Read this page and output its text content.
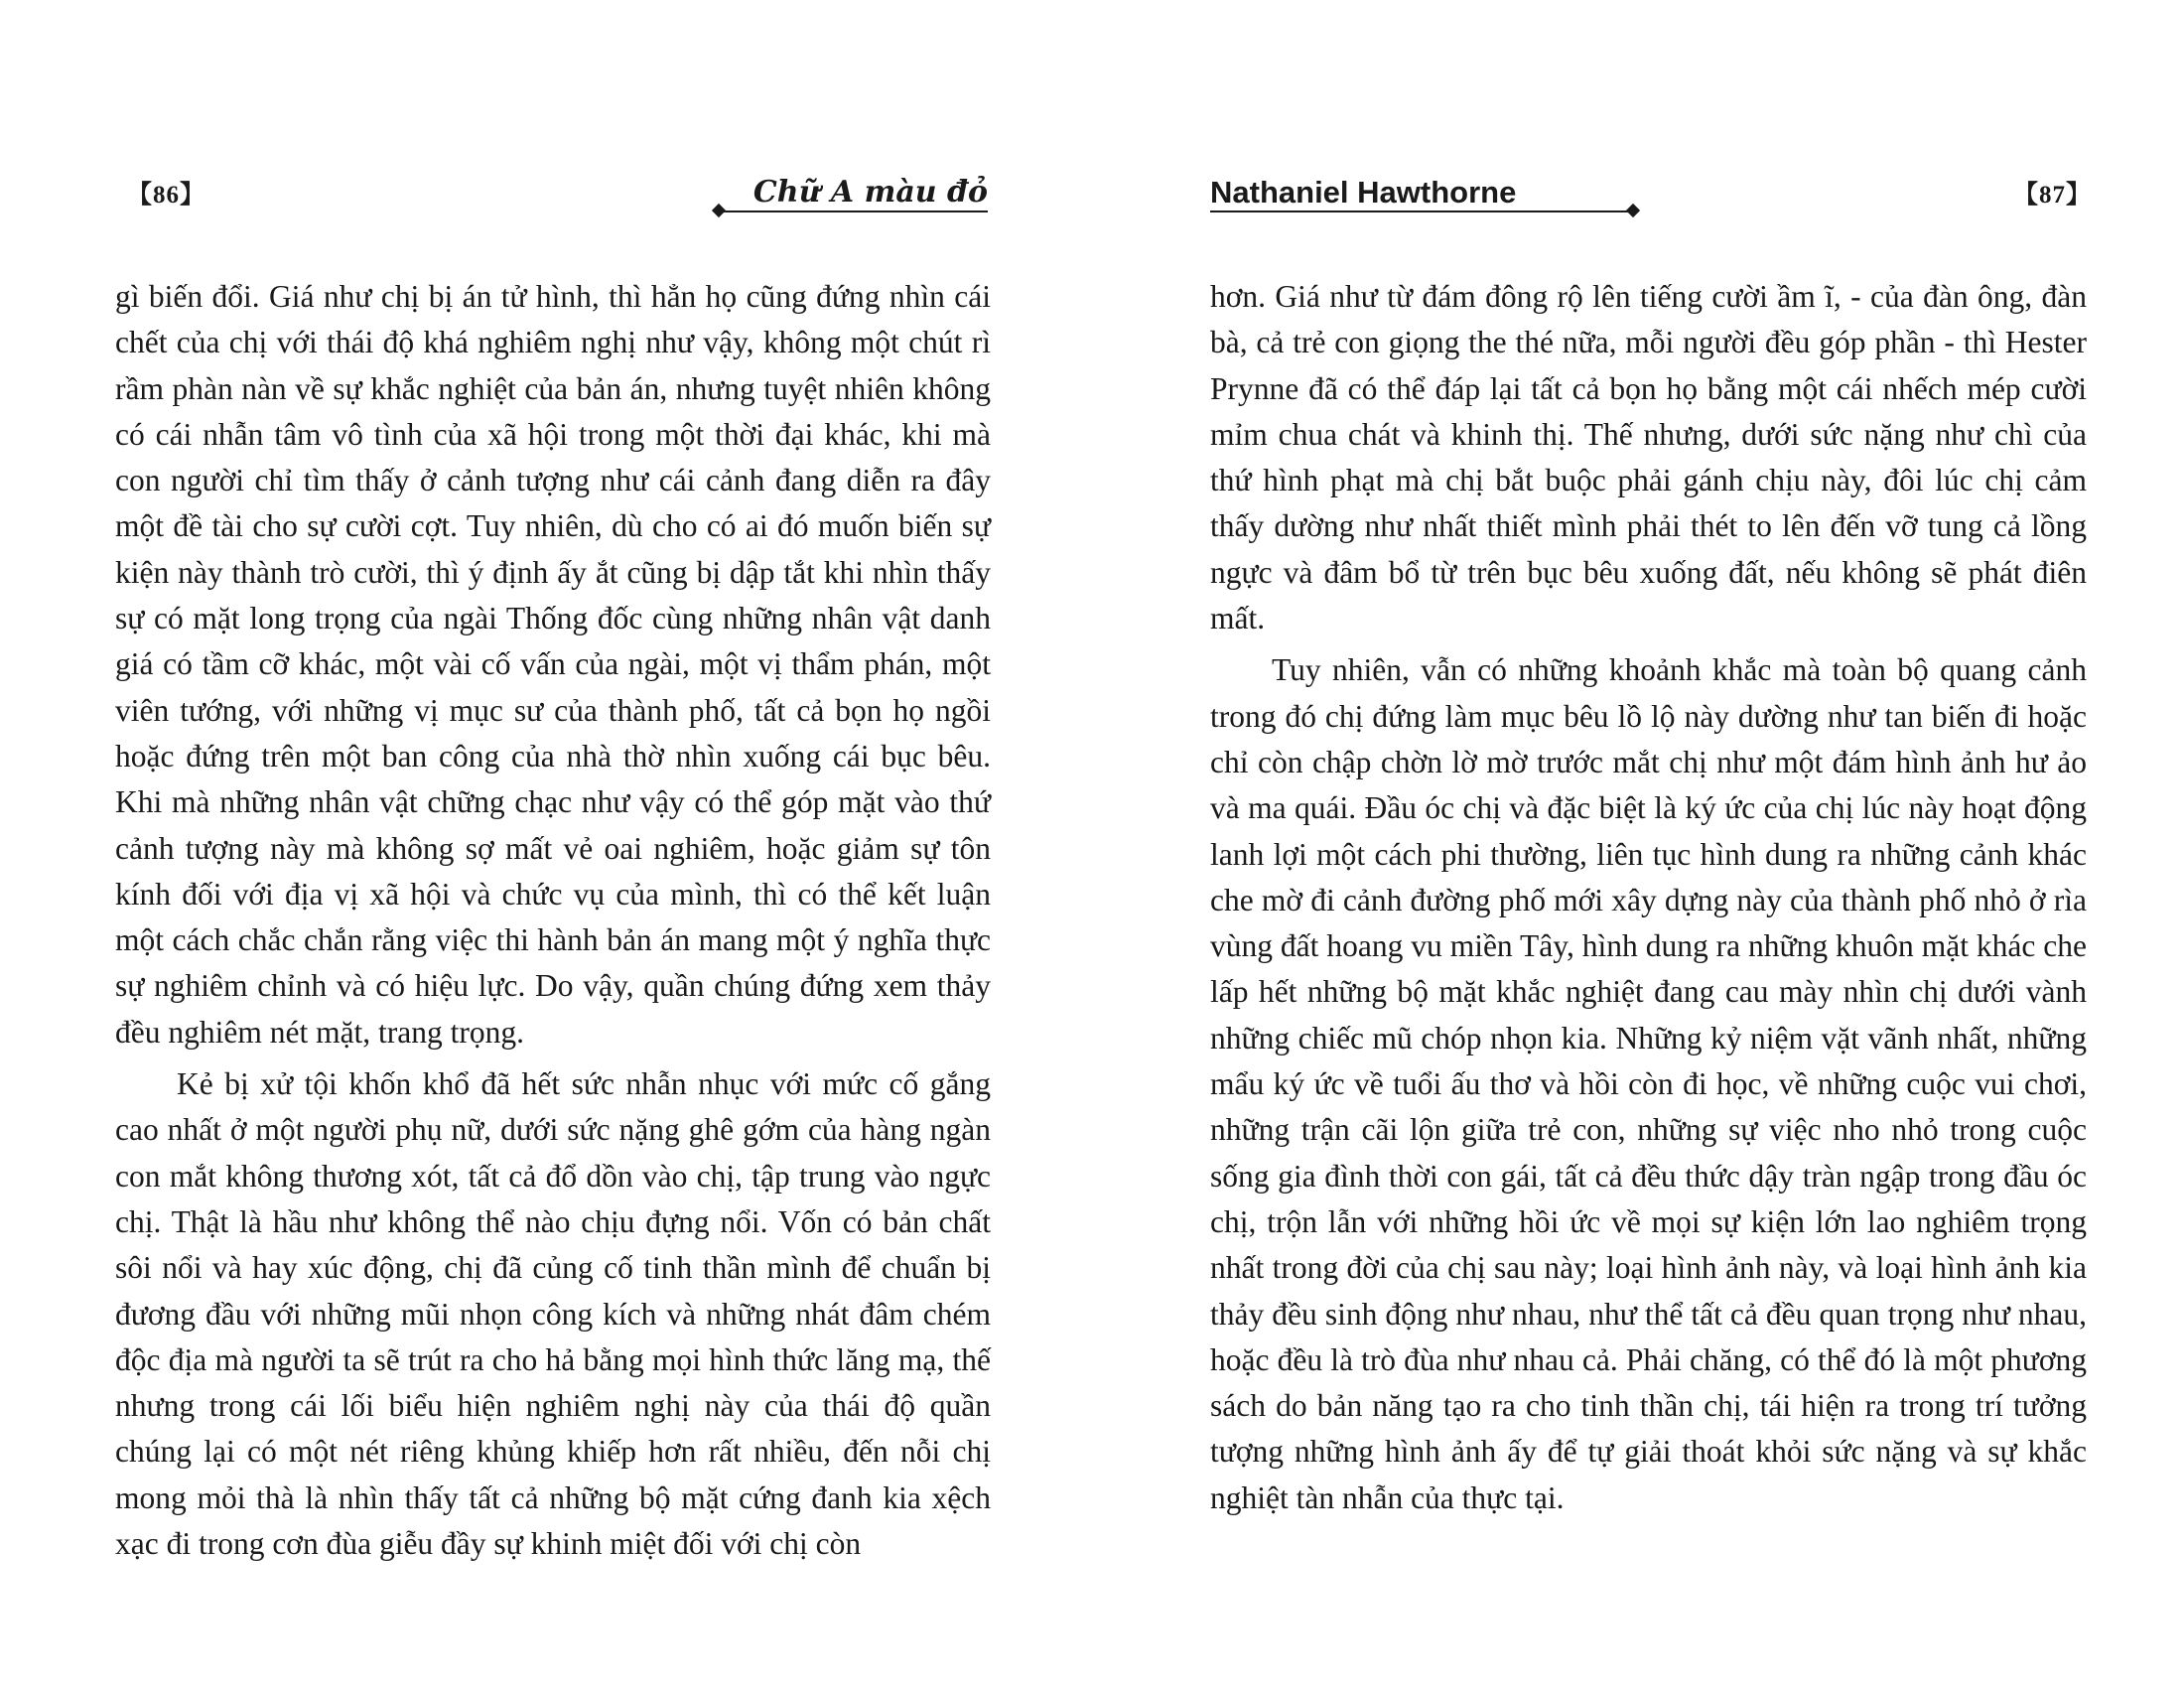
【86】	Chữ A màu đỏ

gì biến đổi. Giá như chị bị án tử hình, thì hẳn họ cũng đứng nhìn cái chết của chị với thái độ khá nghiêm nghị như vậy, không một chút rì rầm phàn nàn về sự khắc nghiệt của bản án, nhưng tuyệt nhiên không có cái nhẫn tâm vô tình của xã hội trong một thời đại khác, khi mà con người chỉ tìm thấy ở cảnh tượng như cái cảnh đang diễn ra đây một đề tài cho sự cười cợt. Tuy nhiên, dù cho có ai đó muốn biến sự kiện này thành trò cười, thì ý định ấy ắt cũng bị dập tắt khi nhìn thấy sự có mặt long trọng của ngài Thống đốc cùng những nhân vật danh giá có tầm cỡ khác, một vài cố vấn của ngài, một vị thẩm phán, một viên tướng, với những vị mục sư của thành phố, tất cả bọn họ ngồi hoặc đứng trên một ban công của nhà thờ nhìn xuống cái bục bêu. Khi mà những nhân vật chững chạc như vậy có thể góp mặt vào thứ cảnh tượng này mà không sợ mất vẻ oai nghiêm, hoặc giảm sự tôn kính đối với địa vị xã hội và chức vụ của mình, thì có thể kết luận một cách chắc chắn rằng việc thi hành bản án mang một ý nghĩa thực sự nghiêm chỉnh và có hiệu lực. Do vậy, quần chúng đứng xem thảy đều nghiêm nét mặt, trang trọng.

Kẻ bị xử tội khốn khổ đã hết sức nhẫn nhục với mức cố gắng cao nhất ở một người phụ nữ, dưới sức nặng ghê gớm của hàng ngàn con mắt không thương xót, tất cả đổ dồn vào chị, tập trung vào ngực chị. Thật là hầu như không thể nào chịu đựng nổi. Vốn có bản chất sôi nổi và hay xúc động, chị đã củng cố tinh thần mình để chuẩn bị đương đầu với những mũi nhọn công kích và những nhát đâm chém độc địa mà người ta sẽ trút ra cho hả bằng mọi hình thức lăng mạ, thế nhưng trong cái lối biểu hiện nghiêm nghị này của thái độ quần chúng lại có một nét riêng khủng khiếp hơn rất nhiều, đến nỗi chị mong mỏi thà là nhìn thấy tất cả những bộ mặt cứng đanh kia xệch xạc đi trong cơn đùa giễu đầy sự khinh miệt đối với chị còn

Nathaniel Hawthorne	【87】

hơn. Giá như từ đám đông rộ lên tiếng cười ầm ĩ, - của đàn ông, đàn bà, cả trẻ con giọng the thé nữa, mỗi người đều góp phần - thì Hester Prynne đã có thể đáp lại tất cả bọn họ bằng một cái nhếch mép cười mỉm chua chát và khinh thị. Thế nhưng, dưới sức nặng như chì của thứ hình phạt mà chị bắt buộc phải gánh chịu này, đôi lúc chị cảm thấy dường như nhất thiết mình phải thét to lên đến vỡ tung cả lồng ngực và đâm bổ từ trên bục bêu xuống đất, nếu không sẽ phát điên mất.

Tuy nhiên, vẫn có những khoảnh khắc mà toàn bộ quang cảnh trong đó chị đứng làm mục bêu lồ lộ này dường như tan biến đi hoặc chỉ còn chập chờn lờ mờ trước mắt chị như một đám hình ảnh hư ảo và ma quái. Đầu óc chị và đặc biệt là ký ức của chị lúc này hoạt động lanh lợi một cách phi thường, liên tục hình dung ra những cảnh khác che mờ đi cảnh đường phố mới xây dựng này của thành phố nhỏ ở rìa vùng đất hoang vu miền Tây, hình dung ra những khuôn mặt khác che lấp hết những bộ mặt khắc nghiệt đang cau mày nhìn chị dưới vành những chiếc mũ chóp nhọn kia. Những kỷ niệm vặt vãnh nhất, những mẩu ký ức về tuổi ấu thơ và hồi còn đi học, về những cuộc vui chơi, những trận cãi lộn giữa trẻ con, những sự việc nho nhỏ trong cuộc sống gia đình thời con gái, tất cả đều thức dậy tràn ngập trong đầu óc chị, trộn lẫn với những hồi ức về mọi sự kiện lớn lao nghiêm trọng nhất trong đời của chị sau này; loại hình ảnh này, và loại hình ảnh kia thảy đều sinh động như nhau, như thể tất cả đều quan trọng như nhau, hoặc đều là trò đùa như nhau cả. Phải chăng, có thể đó là một phương sách do bản năng tạo ra cho tinh thần chị, tái hiện ra trong trí tưởng tượng những hình ảnh ấy để tự giải thoát khỏi sức nặng và sự khắc nghiệt tàn nhẫn của thực tại.
